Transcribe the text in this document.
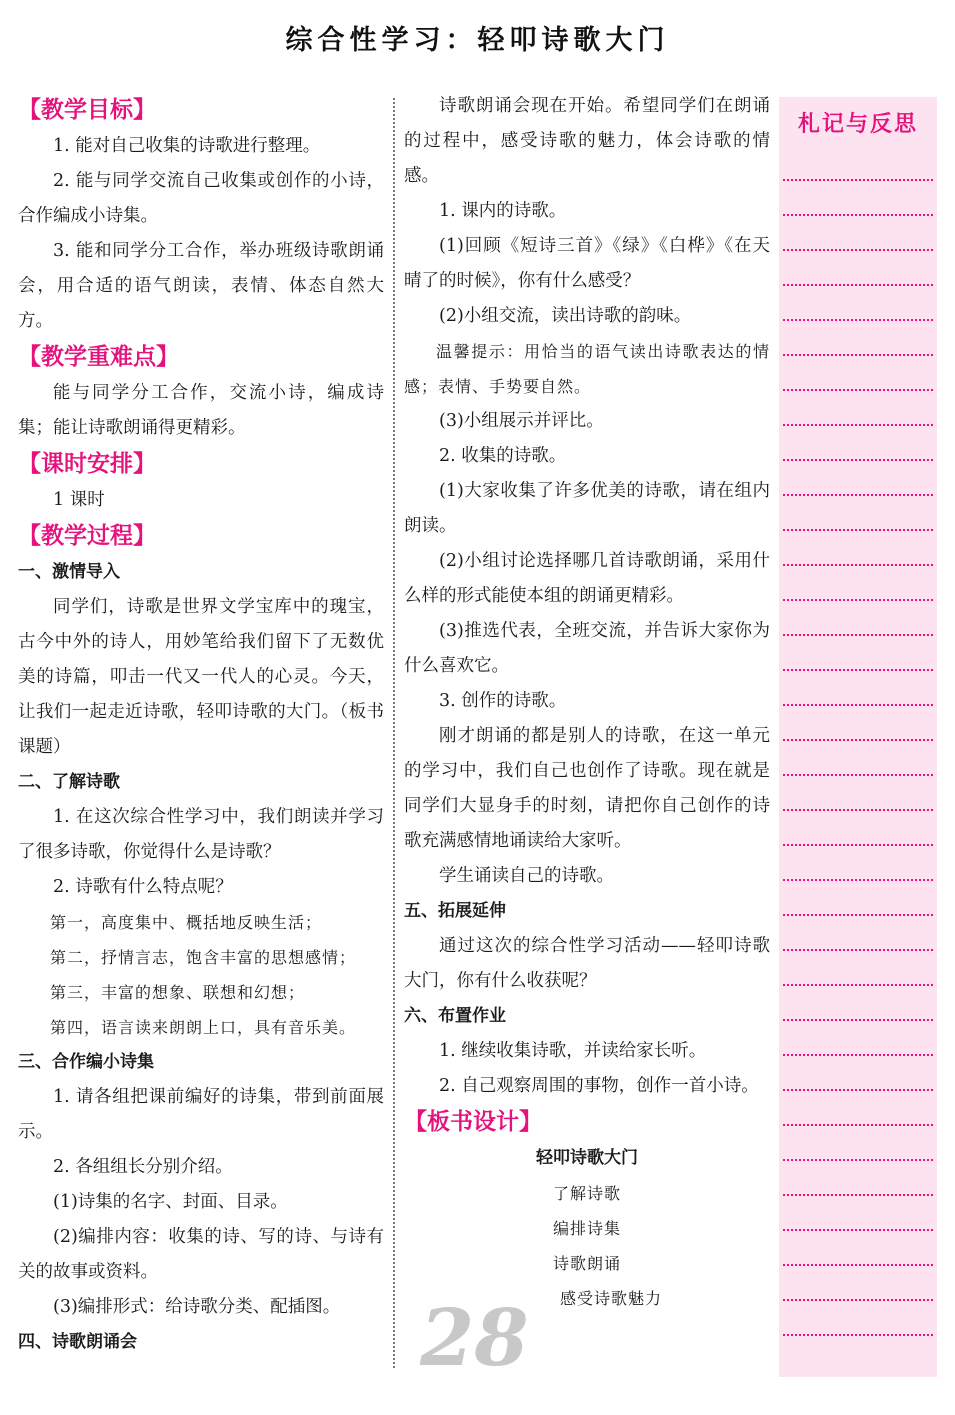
综合性学习：轻叩诗歌大门

【教学目标】

1. 能对自己收集的诗歌进行整理。

2. 能与同学交流自己收集或创作的小诗，合作编成小诗集。

3. 能和同学分工合作，举办班级诗歌朗诵会，用合适的语气朗读，表情、体态自然大方。

【教学重难点】

能与同学分工合作，交流小诗，编成诗集；能让诗歌朗诵得更精彩。

【课时安排】

1 课时

【教学过程】

一、激情导入

同学们，诗歌是世界文学宝库中的瑰宝，古今中外的诗人，用妙笔给我们留下了无数优美的诗篇，叩击一代又一代人的心灵。今天，让我们一起走近诗歌，轻叩诗歌的大门。（板书课题）

二、了解诗歌

1. 在这次综合性学习中，我们朗读并学习了很多诗歌，你觉得什么是诗歌？

2. 诗歌有什么特点呢？

第一，高度集中、概括地反映生活；

第二，抒情言志，饱含丰富的思想感情；

第三，丰富的想象、联想和幻想；

第四，语言读来朗朗上口，具有音乐美。

三、合作编小诗集

1. 请各组把课前编好的诗集，带到前面展示。

2. 各组组长分别介绍。

(1)诗集的名字、封面、目录。

(2)编排内容：收集的诗、写的诗、与诗有关的故事或资料。

(3)编排形式：给诗歌分类、配插图。

四、诗歌朗诵会

诗歌朗诵会现在开始。希望同学们在朗诵的过程中，感受诗歌的魅力，体会诗歌的情感。

1. 课内的诗歌。

(1)回顾《短诗三首》《绿》《白桦》《在天晴了的时候》，你有什么感受？

(2)小组交流，读出诗歌的韵味。

温馨提示：用恰当的语气读出诗歌表达的情感；表情、手势要自然。

(3)小组展示并评比。

2. 收集的诗歌。

(1)大家收集了许多优美的诗歌，请在组内朗读。

(2)小组讨论选择哪几首诗歌朗诵，采用什么样的形式能使本组的朗诵更精彩。

(3)推选代表，全班交流，并告诉大家你为什么喜欢它。

3. 创作的诗歌。

刚才朗诵的都是别人的诗歌，在这一单元的学习中，我们自己也创作了诗歌。现在就是同学们大显身手的时刻，请把你自己创作的诗歌充满感情地诵读给大家听。

学生诵读自己的诗歌。

五、拓展延伸

通过这次的综合性学习活动——轻叩诗歌大门，你有什么收获呢？

六、布置作业

1. 继续收集诗歌，并读给家长听。

2. 自己观察周围的事物，创作一首小诗。

【板书设计】

轻叩诗歌大门

了解诗歌

编排诗集

诗歌朗诵

感受诗歌魅力

28
札记与反思
